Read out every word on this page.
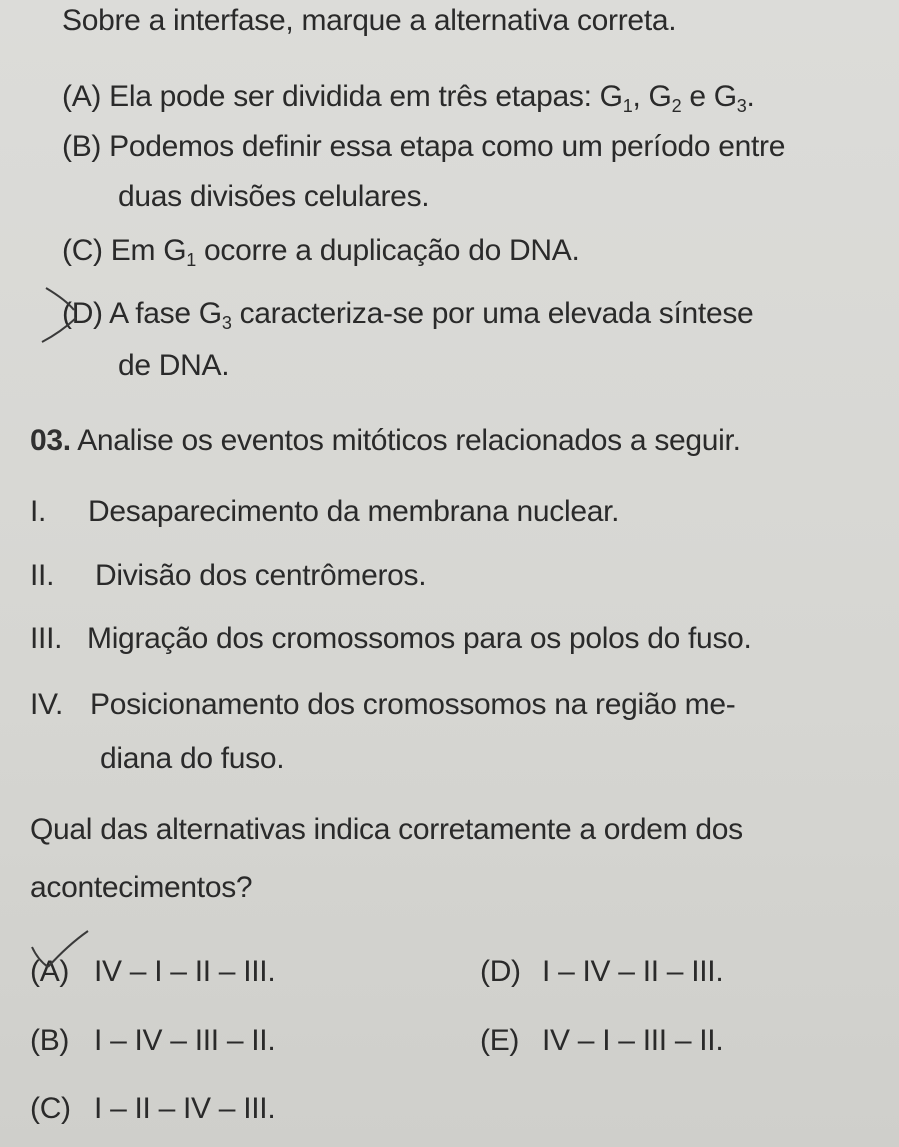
Sobre a interfase, marque a alternativa correta.
(A) Ela pode ser dividida em três etapas: $G_1$, $G_2$ e $G_3$.
(B) Podemos definir essa etapa como um período entre
duas divisões celulares.
(C) Em $G_1$ ocorre a duplicação do DNA.
(D) A fase $G_3$ caracteriza-se por uma elevada síntese
de DNA.
03. Analise os eventos mitóticos relacionados a seguir.
I. Desaparecimento da membrana nuclear.
II. Divisão dos centrômeros.
III. Migração dos cromossomos para os polos do fuso.
IV. Posicionamento dos cromossomos na região me-
diana do fuso.
Qual das alternativas indica corretamente a ordem dos
acontecimentos?
(A) IV – I – II – III.
(B) I – IV – III – II.
(C) I – II – IV – III.
(D) I – IV – II – III.
(E) IV – I – III – II.
